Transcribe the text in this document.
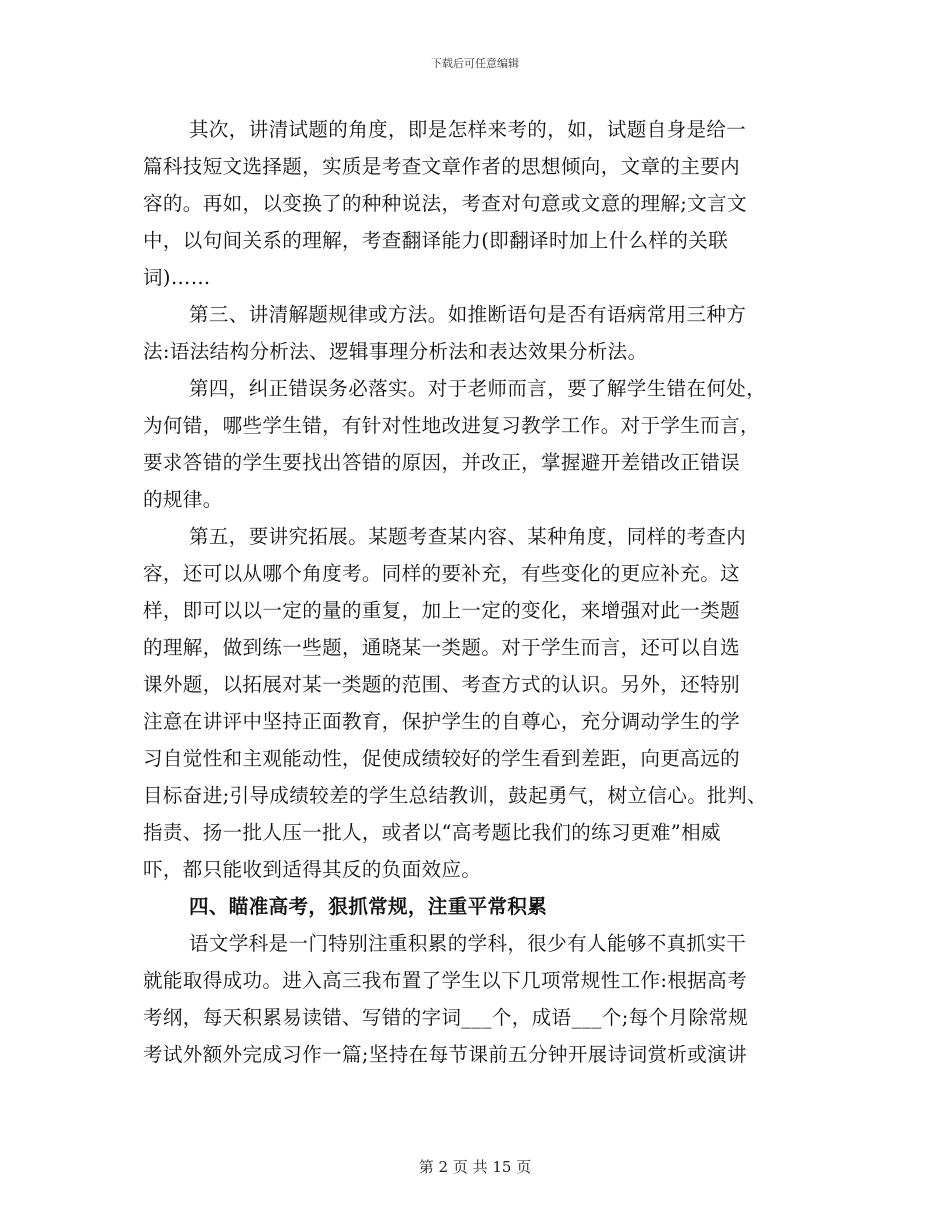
下载后可任意编辑
其次，讲清试题的角度，即是怎样来考的，如，试题自身是给一
篇科技短文选择题，实质是考查文章作者的思想倾向，文章的主要内
容的。再如，以变换了的种种说法，考查对句意或文意的理解;文言文
中，以句间关系的理解，考查翻译能力(即翻译时加上什么样的关联
词)……
第三、讲清解题规律或方法。如推断语句是否有语病常用三种方
法:语法结构分析法、逻辑事理分析法和表达效果分析法。
第四，纠正错误务必落实。对于老师而言，要了解学生错在何处，
为何错，哪些学生错，有针对性地改进复习教学工作。对于学生而言，
要求答错的学生要找出答错的原因，并改正，掌握避开差错改正错误
的规律。
第五，要讲究拓展。某题考查某内容、某种角度，同样的考查内
容，还可以从哪个角度考。同样的要补充，有些变化的更应补充。这
样，即可以以一定的量的重复，加上一定的变化，来增强对此一类题
的理解，做到练一些题，通晓某一类题。对于学生而言，还可以自选
课外题，以拓展对某一类题的范围、考查方式的认识。另外，还特别
注意在讲评中坚持正面教育，保护学生的自尊心，充分调动学生的学
习自觉性和主观能动性，促使成绩较好的学生看到差距，向更高远的
目标奋进;引导成绩较差的学生总结教训，鼓起勇气，树立信心。批判、
指责、扬一批人压一批人，或者以“高考题比我们的练习更难”相威
吓，都只能收到适得其反的负面效应。
四、瞄准高考，狠抓常规，注重平常积累
语文学科是一门特别注重积累的学科，很少有人能够不真抓实干
就能取得成功。进入高三我布置了学生以下几项常规性工作:根据高考
考纲，每天积累易读错、写错的字词___个，成语___个;每个月除常规
考试外额外完成习作一篇;坚持在每节课前五分钟开展诗词赏析或演讲
第 2 页 共 15 页
